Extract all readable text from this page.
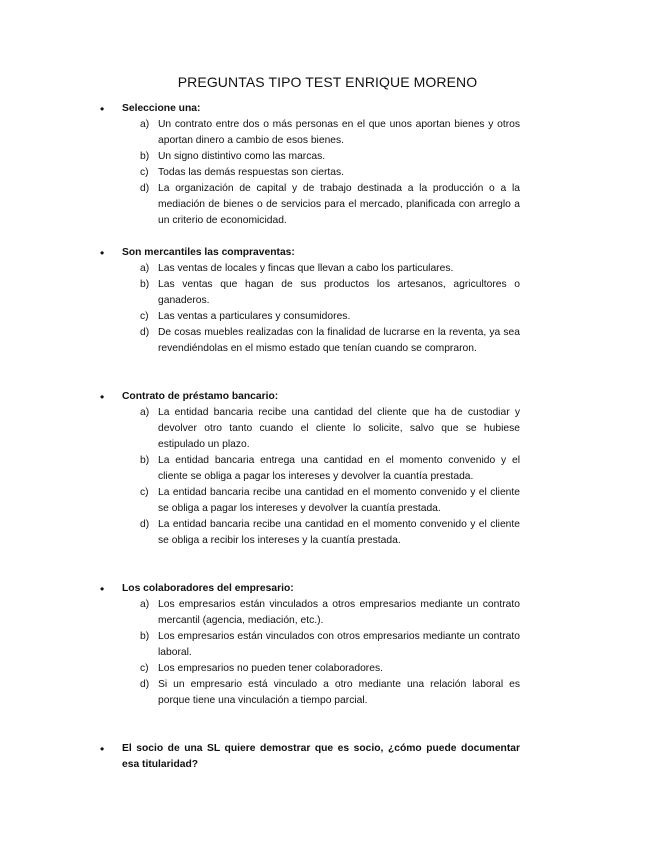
PREGUNTAS TIPO TEST ENRIQUE MORENO
• Seleccione una:
a) Un contrato entre dos o más personas en el que unos aportan bienes y otros aportan dinero a cambio de esos bienes.
b) Un signo distintivo como las marcas.
c) Todas las demás respuestas son ciertas.
d) La organización de capital y de trabajo destinada a la producción o a la mediación de bienes o de servicios para el mercado, planificada con arreglo a un criterio de economicidad.
• Son mercantiles las compraventas:
a) Las ventas de locales y fincas que llevan a cabo los particulares.
b) Las ventas que hagan de sus productos los artesanos, agricultores o ganaderos.
c) Las ventas a particulares y consumidores.
d) De cosas muebles realizadas con la finalidad de lucrarse en la reventa, ya sea revendiéndolas en el mismo estado que tenían cuando se compraron.
• Contrato de préstamo bancario:
a) La entidad bancaria recibe una cantidad del cliente que ha de custodiar y devolver otro tanto cuando el cliente lo solicite, salvo que se hubiese estipulado un plazo.
b) La entidad bancaria entrega una cantidad en el momento convenido y el cliente se obliga a pagar los intereses y devolver la cuantía prestada.
c) La entidad bancaria recibe una cantidad en el momento convenido y el cliente se obliga a pagar los intereses y devolver la cuantía prestada.
d) La entidad bancaria recibe una cantidad en el momento convenido y el cliente se obliga a recibir los intereses y la cuantía prestada.
• Los colaboradores del empresario:
a) Los empresarios están vinculados a otros empresarios mediante un contrato mercantil (agencia, mediación, etc.).
b) Los empresarios están vinculados con otros empresarios mediante un contrato laboral.
c) Los empresarios no pueden tener colaboradores.
d) Si un empresario está vinculado a otro mediante una relación laboral es porque tiene una vinculación a tiempo parcial.
• El socio de una SL quiere demostrar que es socio, ¿cómo puede documentar esa titularidad?
